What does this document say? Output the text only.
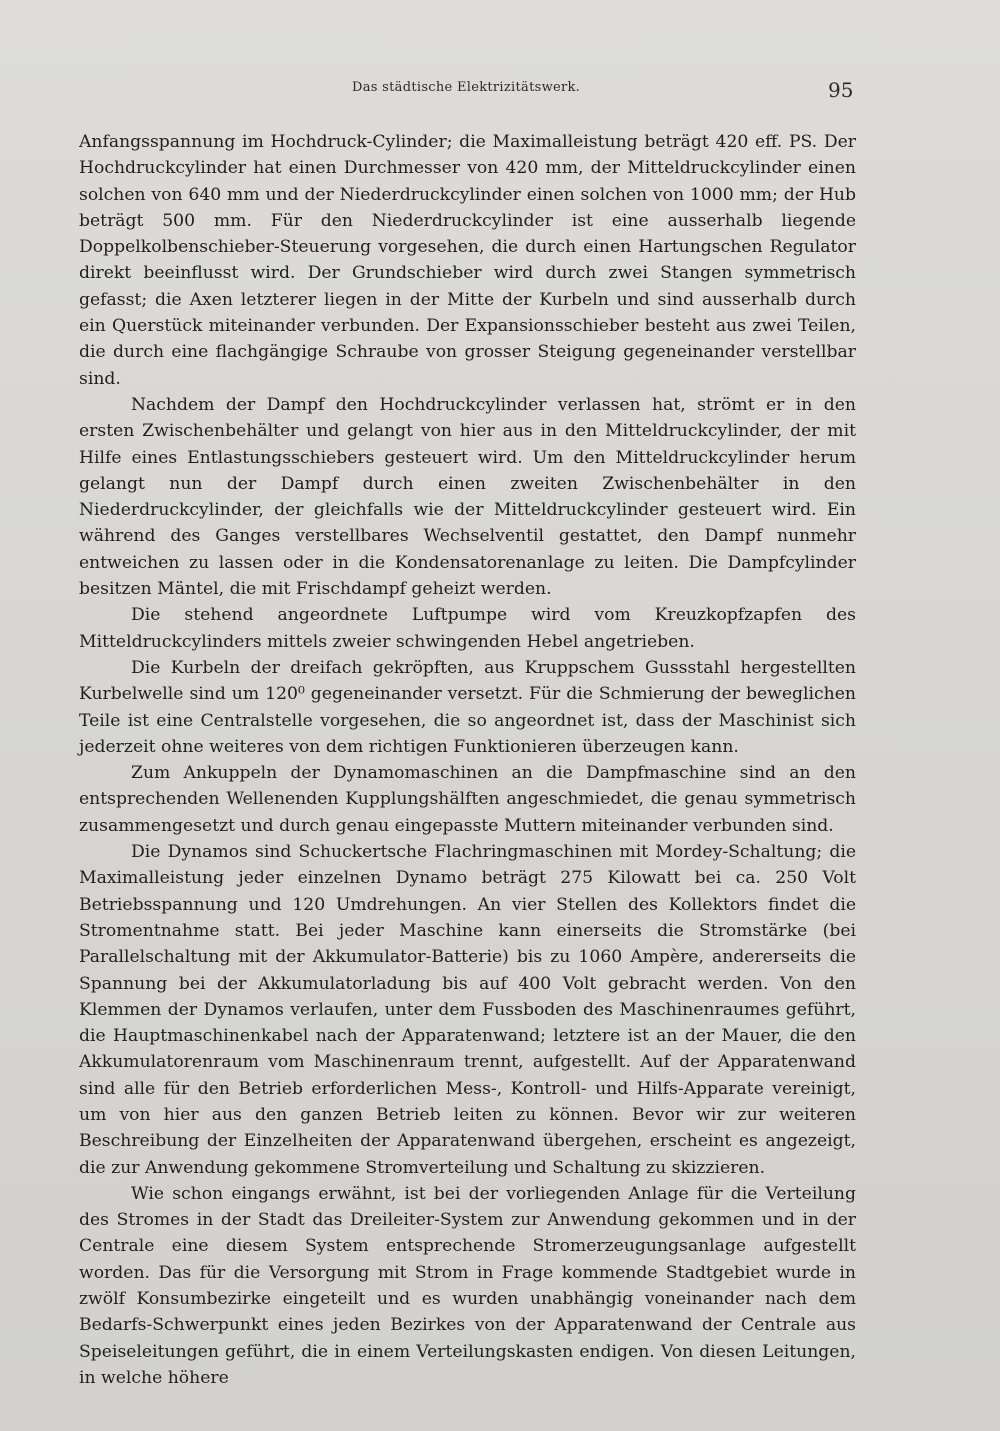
Das städtische Elektrizitätswerk.	95

Anfangsspannung im Hochdruck-Cylinder; die Maximalleistung beträgt 420 eff. PS. Der Hochdruckcylinder hat einen Durchmesser von 420 mm, der Mitteldruckcylinder einen solchen von 640 mm und der Niederdruckcylinder einen solchen von 1000 mm; der Hub beträgt 500 mm. Für den Niederdruckcylinder ist eine ausserhalb liegende Doppelkolbenschieber-Steuerung vorgesehen, die durch einen Hartungschen Regulator direkt beeinflusst wird. Der Grundschieber wird durch zwei Stangen symmetrisch gefasst; die Axen letzterer liegen in der Mitte der Kurbeln und sind ausserhalb durch ein Querstück miteinander verbunden. Der Expansionsschieber besteht aus zwei Teilen, die durch eine flachgängige Schraube von grosser Steigung gegeneinander verstellbar sind.

Nachdem der Dampf den Hochdruckcylinder verlassen hat, strömt er in den ersten Zwischenbehälter und gelangt von hier aus in den Mitteldruckcylinder, der mit Hilfe eines Entlastungsschiebers gesteuert wird. Um den Mitteldruckcylinder herum gelangt nun der Dampf durch einen zweiten Zwischenbehälter in den Niederdruckcylinder, der gleichfalls wie der Mitteldruckcylinder gesteuert wird. Ein während des Ganges verstellbares Wechselventil gestattet, den Dampf nunmehr entweichen zu lassen oder in die Kondensatorenanlage zu leiten. Die Dampfcylinder besitzen Mäntel, die mit Frischdampf geheizt werden.

Die stehend angeordnete Luftpumpe wird vom Kreuzkopfzapfen des Mitteldruckcylinders mittels zweier schwingenden Hebel angetrieben.

Die Kurbeln der dreifach gekröpften, aus Kruppschem Gussstahl hergestellten Kurbelwelle sind um 120⁰ gegeneinander versetzt. Für die Schmierung der beweglichen Teile ist eine Centralstelle vorgesehen, die so angeordnet ist, dass der Maschinist sich jederzeit ohne weiteres von dem richtigen Funktionieren überzeugen kann.

Zum Ankuppeln der Dynamomaschinen an die Dampfmaschine sind an den entsprechenden Wellenenden Kupplungshälften angeschmiedet, die genau symmetrisch zusammengesetzt und durch genau eingepasste Muttern miteinander verbunden sind.

Die Dynamos sind Schuckertsche Flachringmaschinen mit Mordey-Schaltung; die Maximalleistung jeder einzelnen Dynamo beträgt 275 Kilowatt bei ca. 250 Volt Betriebsspannung und 120 Umdrehungen. An vier Stellen des Kollektors findet die Stromentnahme statt. Bei jeder Maschine kann einerseits die Stromstärke (bei Parallelschaltung mit der Akkumulator-Batterie) bis zu 1060 Ampère, andererseits die Spannung bei der Akkumulatorladung bis auf 400 Volt gebracht werden. Von den Klemmen der Dynamos verlaufen, unter dem Fussboden des Maschinenraumes geführt, die Hauptmaschinenkabel nach der Apparatenwand; letztere ist an der Mauer, die den Akkumulatorenraum vom Maschinenraum trennt, aufgestellt. Auf der Apparatenwand sind alle für den Betrieb erforderlichen Mess-, Kontroll- und Hilfs-Apparate vereinigt, um von hier aus den ganzen Betrieb leiten zu können. Bevor wir zur weiteren Beschreibung der Einzelheiten der Apparatenwand übergehen, erscheint es angezeigt, die zur Anwendung gekommene Stromverteilung und Schaltung zu skizzieren.

Wie schon eingangs erwähnt, ist bei der vorliegenden Anlage für die Verteilung des Stromes in der Stadt das Dreileiter-System zur Anwendung gekommen und in der Centrale eine diesem System entsprechende Stromerzeugungsanlage aufgestellt worden. Das für die Versorgung mit Strom in Frage kommende Stadtgebiet wurde in zwölf Konsumbezirke eingeteilt und es wurden unabhängig voneinander nach dem Bedarfs-Schwerpunkt eines jeden Bezirkes von der Apparatenwand der Centrale aus Speiseleitungen geführt, die in einem Verteilungskasten endigen. Von diesen Leitungen, in welche höhere
